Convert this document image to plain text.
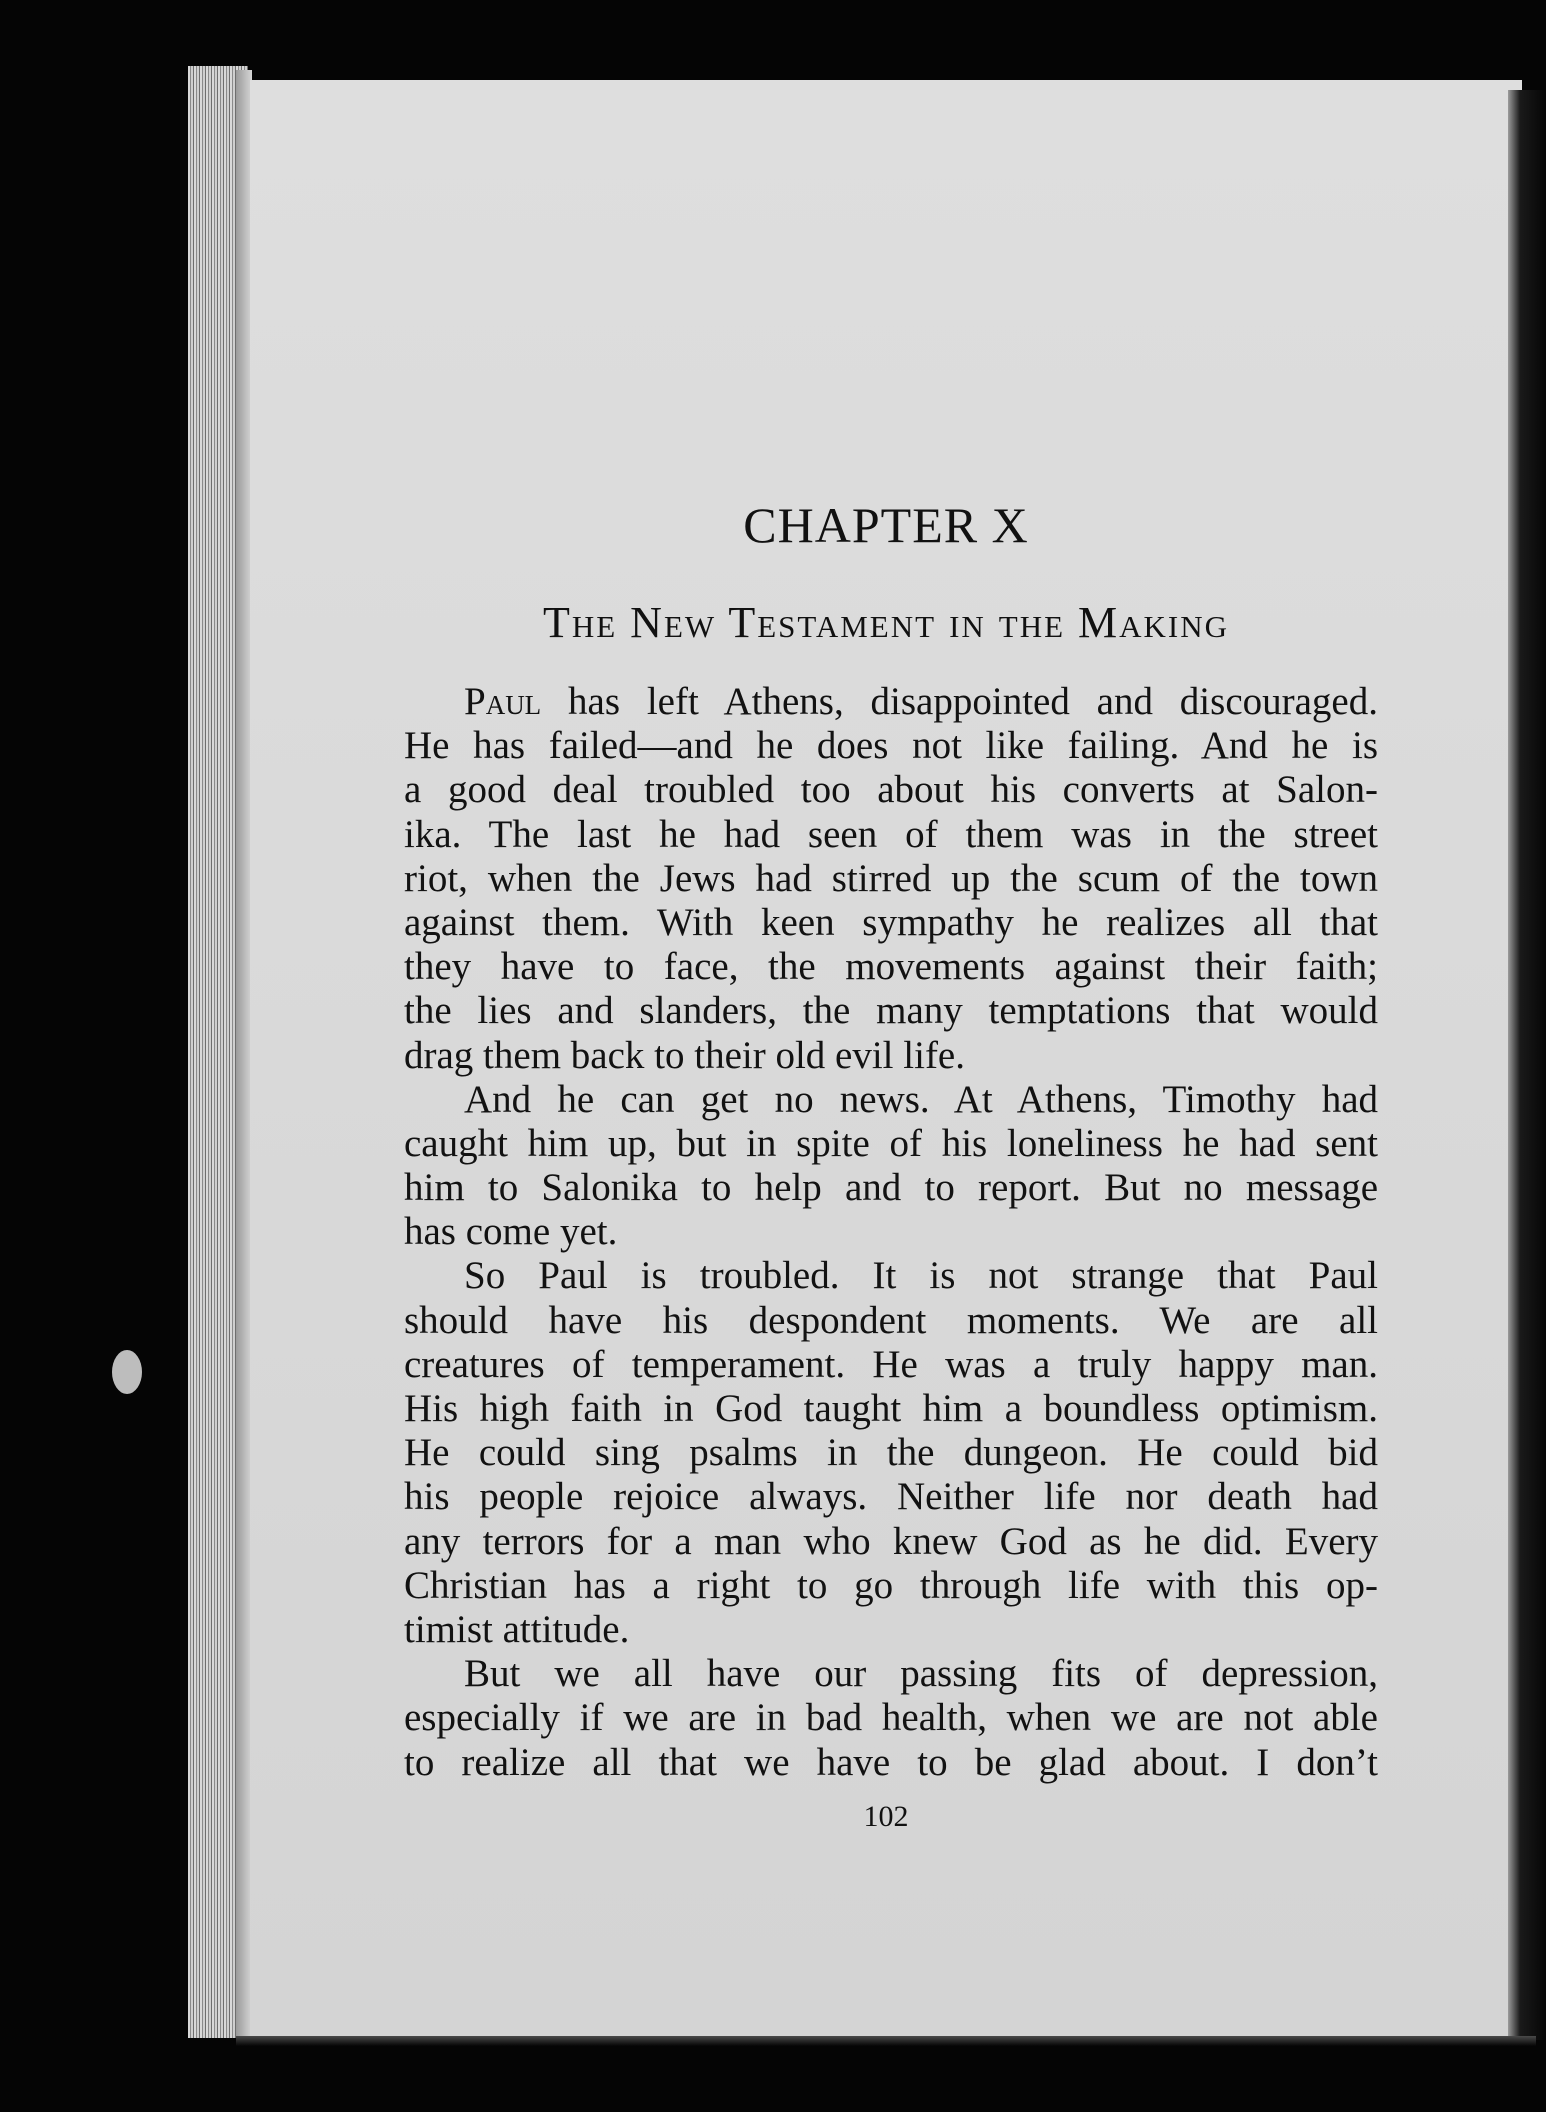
CHAPTER X
The New Testament in the Making
Paul has left Athens, disappointed and discouraged.
He has failed—and he does not like failing. And he is
a good deal troubled too about his converts at Salon-
ika. The last he had seen of them was in the street
riot, when the Jews had stirred up the scum of the town
against them. With keen sympathy he realizes all that
they have to face, the movements against their faith;
the lies and slanders, the many temptations that would
drag them back to their old evil life.
And he can get no news. At Athens, Timothy had
caught him up, but in spite of his loneliness he had sent
him to Salonika to help and to report. But no message
has come yet.
So Paul is troubled. It is not strange that Paul
should have his despondent moments. We are all
creatures of temperament. He was a truly happy man.
His high faith in God taught him a boundless optimism.
He could sing psalms in the dungeon. He could bid
his people rejoice always. Neither life nor death had
any terrors for a man who knew God as he did. Every
Christian has a right to go through life with this op-
timist attitude.
But we all have our passing fits of depression,
especially if we are in bad health, when we are not able
to realize all that we have to be glad about. I don’t
102
